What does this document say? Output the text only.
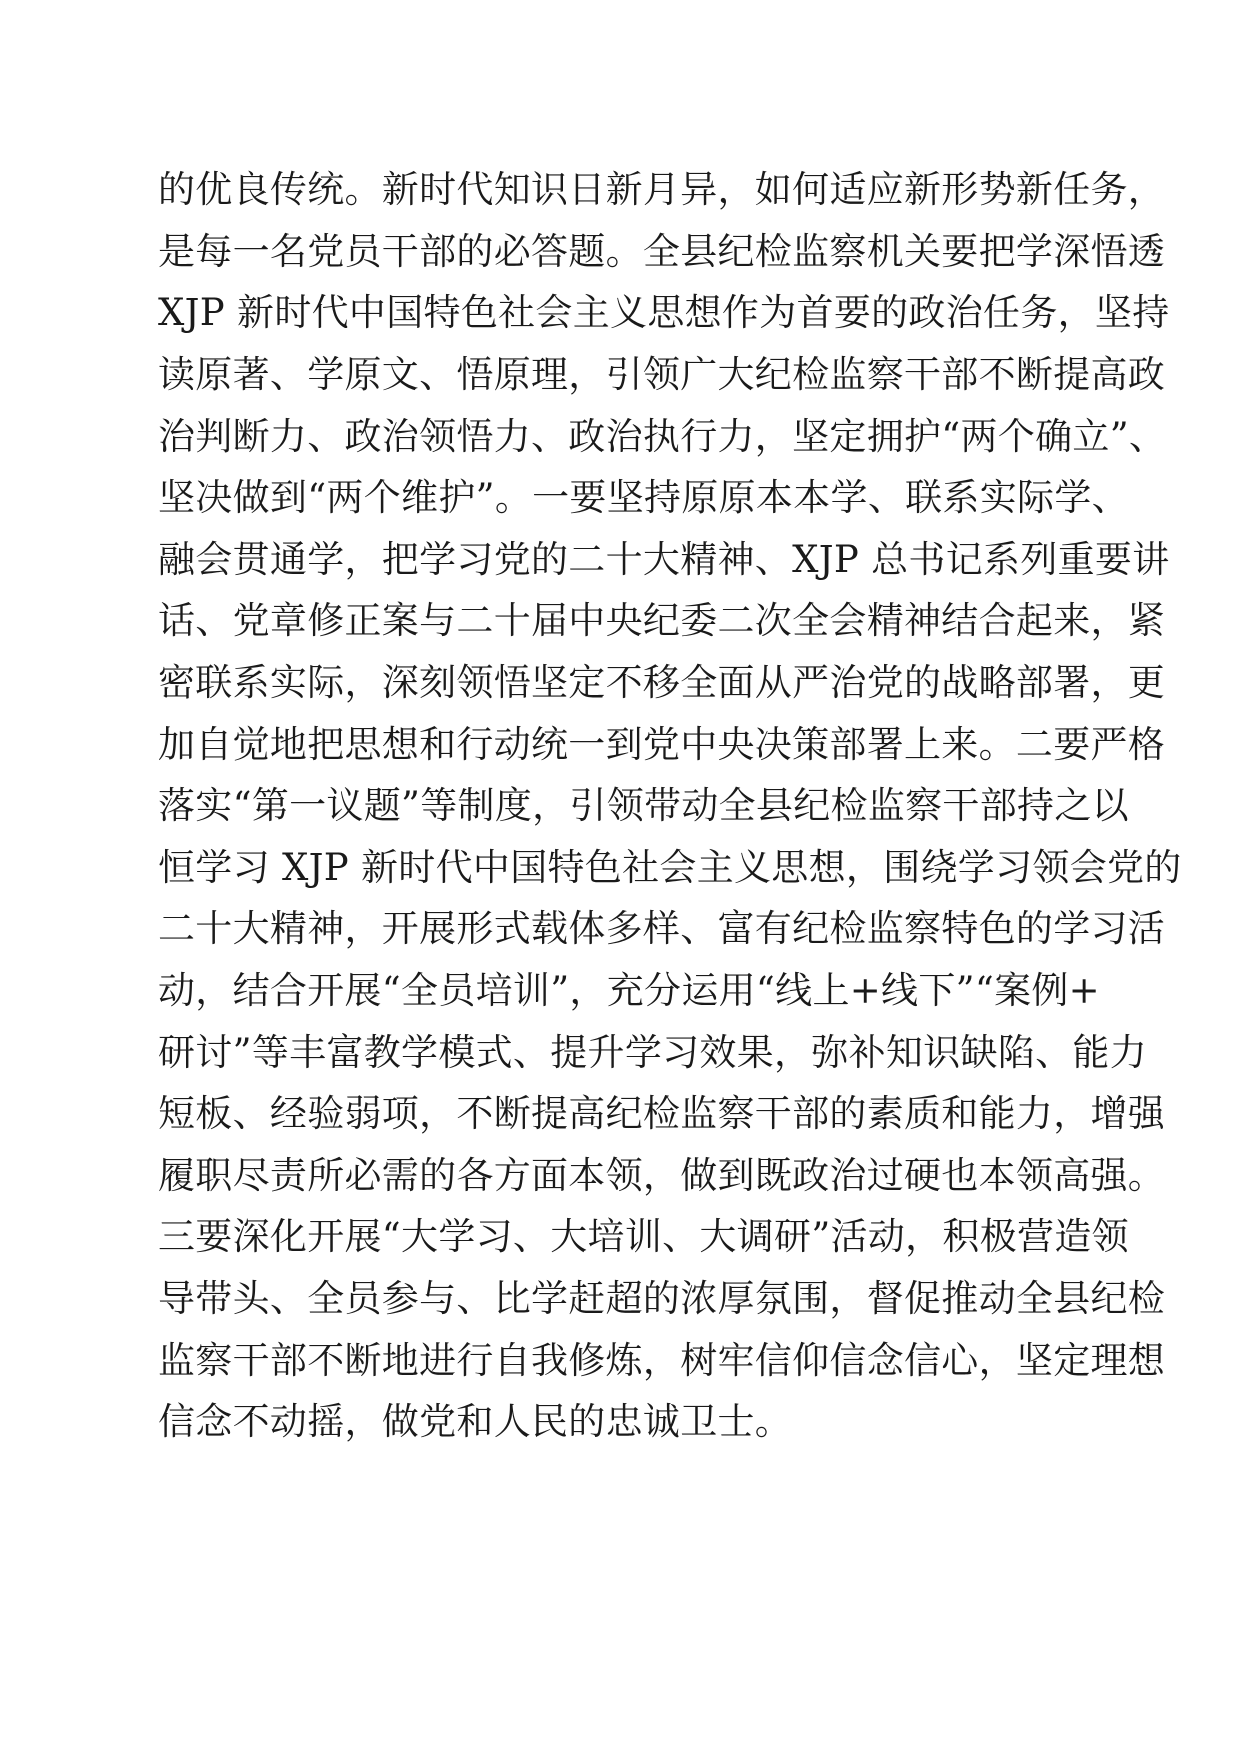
的优良传统。新时代知识日新月异，如何适应新形势新任务，
是每一名党员干部的必答题。全县纪检监察机关要把学深悟透
XJP 新时代中国特色社会主义思想作为首要的政治任务，坚持
读原著、学原文、悟原理，引领广大纪检监察干部不断提高政
治判断力、政治领悟力、政治执行力，坚定拥护“两个确立”、
坚决做到“两个维护”。一要坚持原原本本学、联系实际学、
融会贯通学，把学习党的二十大精神、XJP 总书记系列重要讲
话、党章修正案与二十届中央纪委二次全会精神结合起来，紧
密联系实际，深刻领悟坚定不移全面从严治党的战略部署，更
加自觉地把思想和行动统一到党中央决策部署上来。二要严格
落实“第一议题”等制度，引领带动全县纪检监察干部持之以
恒学习 XJP 新时代中国特色社会主义思想，围绕学习领会党的
二十大精神，开展形式载体多样、富有纪检监察特色的学习活
动，结合开展“全员培训”，充分运用“线上+线下”“案例+
研讨”等丰富教学模式、提升学习效果，弥补知识缺陷、能力
短板、经验弱项，不断提高纪检监察干部的素质和能力，增强
履职尽责所必需的各方面本领，做到既政治过硬也本领高强。
三要深化开展“大学习、大培训、大调研”活动，积极营造领
导带头、全员参与、比学赶超的浓厚氛围，督促推动全县纪检
监察干部不断地进行自我修炼，树牢信仰信念信心，坚定理想
信念不动摇，做党和人民的忠诚卫士。
